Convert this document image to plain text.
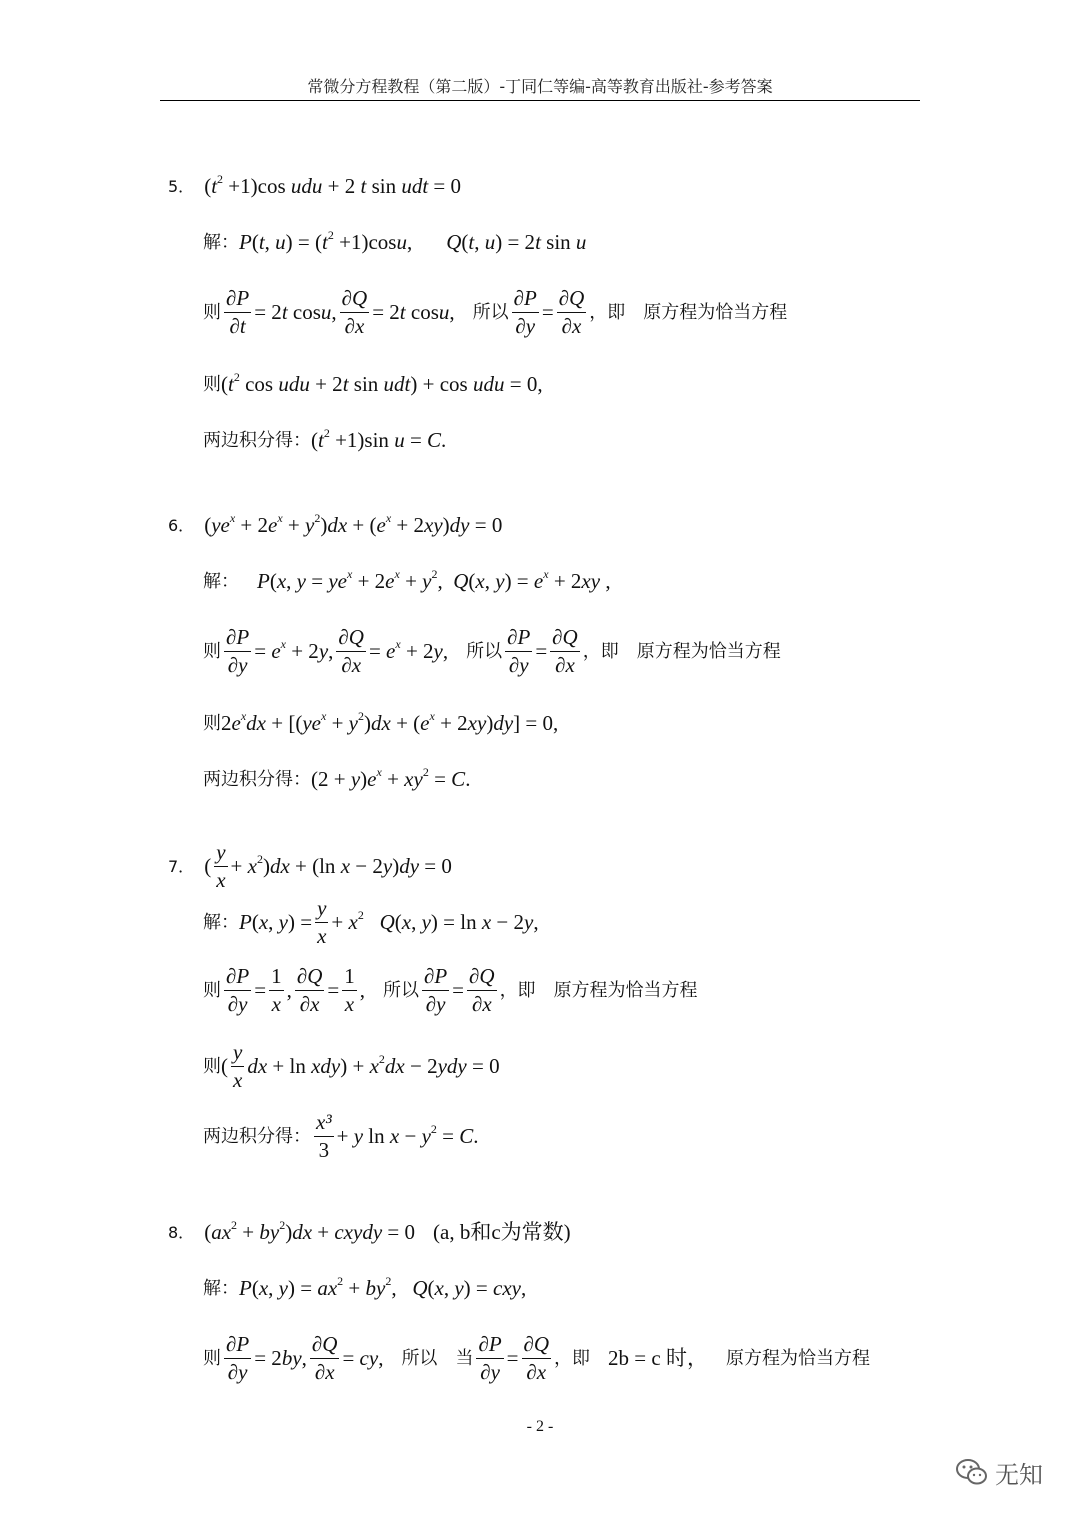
常微分方程教程（第二版）-丁同仁等编-高等教育出版社-参考答案
5． $(t^2 +1)\cos$ udu + 2 t sin udt = 0
解： P(t, $u) = (t^2 +1)\cos u$, Q(t, u) = 2t sin u
则 $\frac{\partial P}{\partial t} = 2t$ cosu, $\frac{\partial Q}{\partial x} = 2t$ cosu, 所以 $\frac{\partial P}{\partial y} = \frac{\partial Q}{\partial x}$ ，即 原方程为恰当方程
则 ($t^2$ cos udu + 2t sin udt) + cos udu = 0,
两边积分得： $(t^2 +1)\sin$ u = C.
6． $(ye^x + 2e^x + y^2)dx + (e^x + 2xy)dy = 0$
解： P(x, $y = ye^x + 2e^x + y^2$,  Q(x, $y) = e^x + 2xy$ ,
则 $\frac{\partial P}{\partial y} = e^x + 2y$, $\frac{\partial Q}{\partial x} = e^x + 2y$, 所以 $\frac{\partial P}{\partial y} = \frac{\partial Q}{\partial x}$ ，即 原方程为恰当方程
则 $2e^xdx + [(ye^x + y^2)dx + (e^x + 2xy)dy] = 0$,
两边积分得： $(2 + y)e^x + xy^2 = C$.
7． ( $\frac{y}{x} + x^2)dx + (\ln$ x − 2y)dy = 0
解： P(x, $y) = \frac{y}{x} + x^2$ Q(x, y) = ln x − 2y,
则 $\frac{\partial P}{\partial y} = \frac{1}{x}$ , $\frac{\partial Q}{\partial x} = \frac{1}{x}$ , 所以 $\frac{\partial P}{\partial y} = \frac{\partial Q}{\partial x}$ ，即 原方程为恰当方程
则 ( $\frac{y}{x}$ dx + $\ln xdy) + x^2dx - 2ydy = 0$
两边积分得： $\frac{\text{x³}}{3} + y$ $\ln x - y^2 = C$.
8． $(ax^2 + by^2)dx$ + cxydy = 0 (a, b和c为常数)
解： P(x, $y) = ax^2 + by^2$,   Q(x, y) = cxy,
则 $\frac{\partial P}{\partial y} = 2by$, $\frac{\partial Q}{\partial x}$ = cy, 所以 当 $\frac{\partial P}{\partial y} = \frac{\partial Q}{\partial x}$ ，即 2b = c 时， 原方程为恰当方程
- 2 -
无知
